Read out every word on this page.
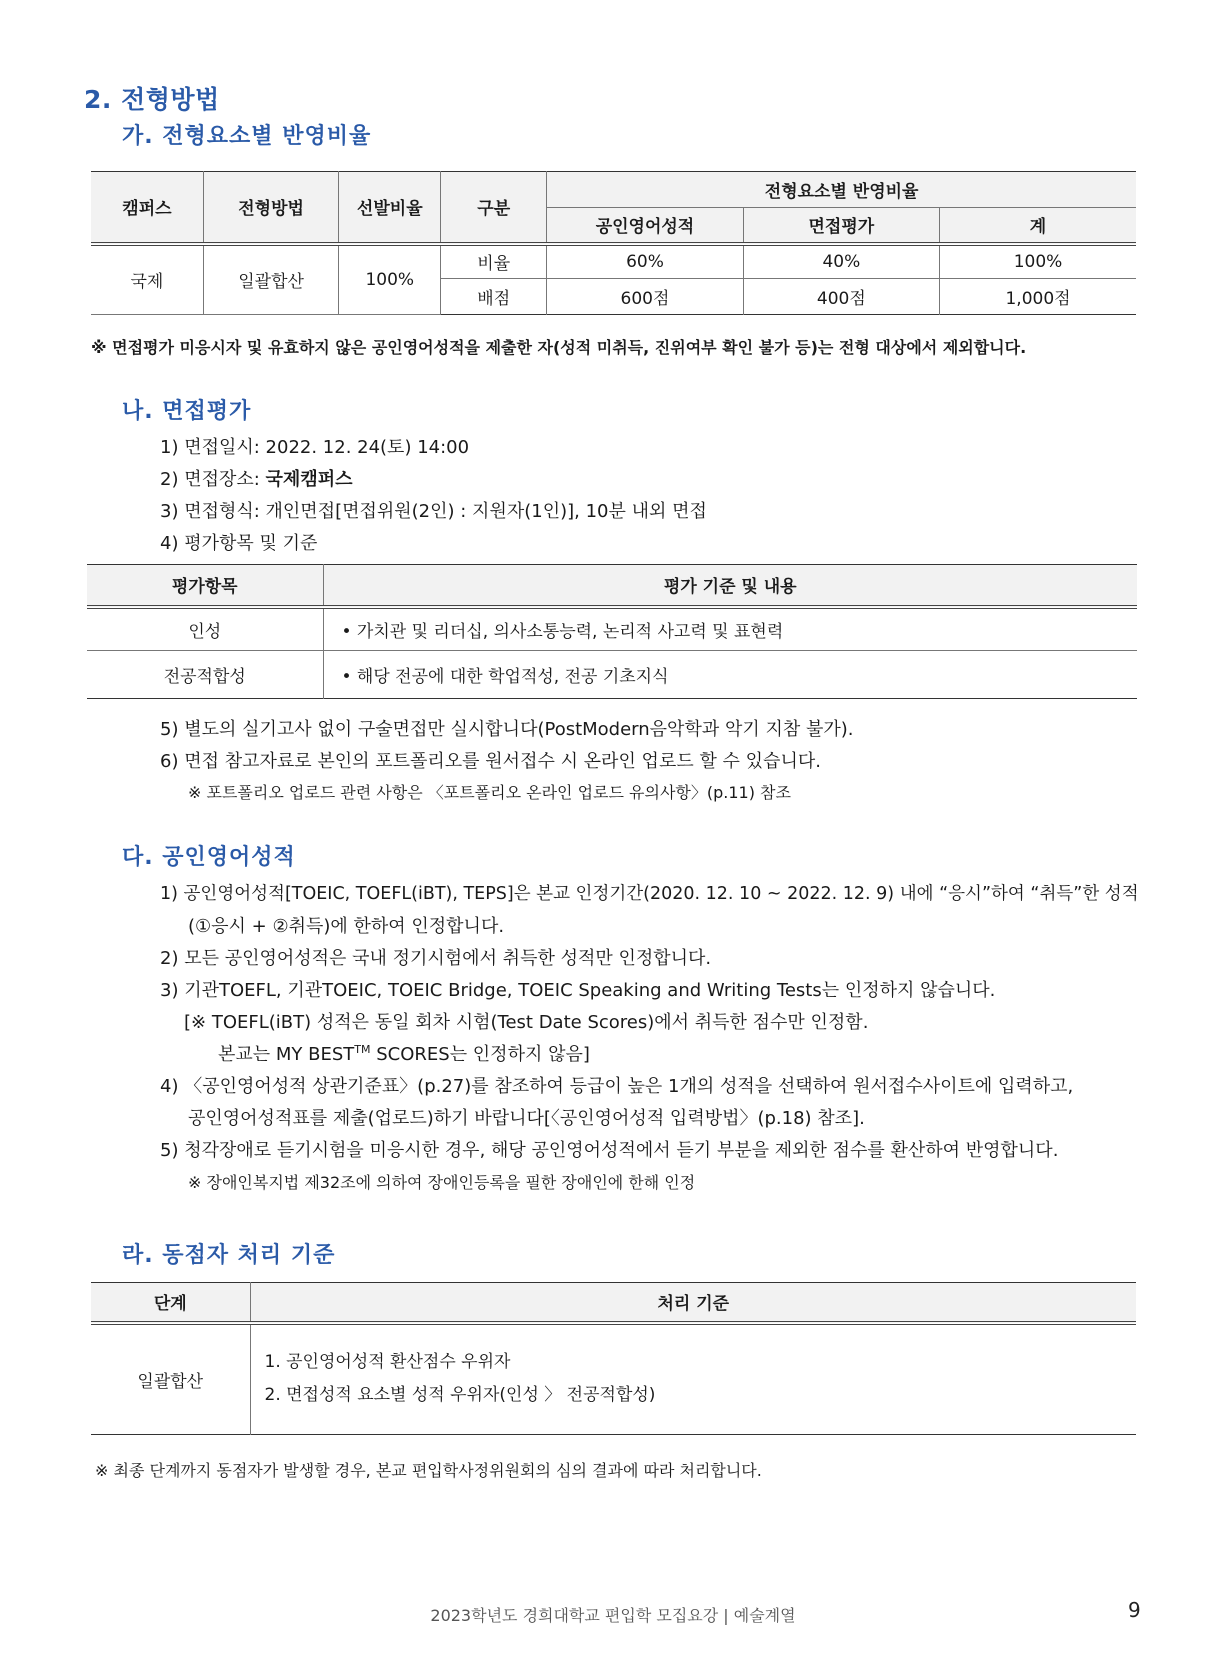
2. 전형방법
가. 전형요소별 반영비율
캠퍼스	전형방법	선발비율	구분	전형요소별 반영비율		
				공인영어성적	면접평가	계
국제	일괄합산	100%	비율	60%	40%	100%
			배점	600점	400점	1,000점
※ 면접평가 미응시자 및 유효하지 않은 공인영어성적을 제출한 자(성적 미취득, 진위여부 확인 불가 등)는 전형 대상에서 제외합니다.
나. 면접평가
1) 면접일시: 2022. 12. 24(토) 14:00
2) 면접장소: 국제캠퍼스
3) 면접형식: 개인면접[면접위원(2인) : 지원자(1인)], 10분 내외 면접
4) 평가항목 및 기준
평가항목	평가 기준 및 내용
인성	• 가치관 및 리더십, 의사소통능력, 논리적 사고력 및 표현력
전공적합성	• 해당 전공에 대한 학업적성, 전공 기초지식
5) 별도의 실기고사 없이 구술면접만 실시합니다(PostModern음악학과 악기 지참 불가).
6) 면접 참고자료로 본인의 포트폴리오를 원서접수 시 온라인 업로드 할 수 있습니다.
※ 포트폴리오 업로드 관련 사항은 〈포트폴리오 온라인 업로드 유의사항〉(p.11) 참조
다. 공인영어성적
1) 공인영어성적[TOEIC, TOEFL(iBT), TEPS]은 본교 인정기간(2020. 12. 10 ~ 2022. 12. 9) 내에 “응시”하여 “취득”한 성적
(①응시 + ②취득)에 한하여 인정합니다.
2) 모든 공인영어성적은 국내 정기시험에서 취득한 성적만 인정합니다.
3) 기관TOEFL, 기관TOEIC, TOEIC Bridge, TOEIC Speaking and Writing Tests는 인정하지 않습니다.
[※ TOEFL(iBT) 성적은 동일 회차 시험(Test Date Scores)에서 취득한 점수만 인정함.
본교는 MY BEST™ SCORES는 인정하지 않음]
4) 〈공인영어성적 상관기준표〉(p.27)를 참조하여 등급이 높은 1개의 성적을 선택하여 원서접수사이트에 입력하고,
공인영어성적표를 제출(업로드)하기 바랍니다[〈공인영어성적 입력방법〉(p.18) 참조].
5) 청각장애로 듣기시험을 미응시한 경우, 해당 공인영어성적에서 듣기 부분을 제외한 점수를 환산하여 반영합니다.
※ 장애인복지법 제32조에 의하여 장애인등록을 필한 장애인에 한해 인정
라. 동점자 처리 기준
단계	처리 기준
일괄합산	1. 공인영어성적 환산점수 우위자
2. 면접성적 요소별 성적 우위자(인성 〉 전공적합성)
※ 최종 단계까지 동점자가 발생할 경우, 본교 편입학사정위원회의 심의 결과에 따라 처리합니다.
2023학년도 경희대학교 편입학 모집요강 | 예술계열	9
